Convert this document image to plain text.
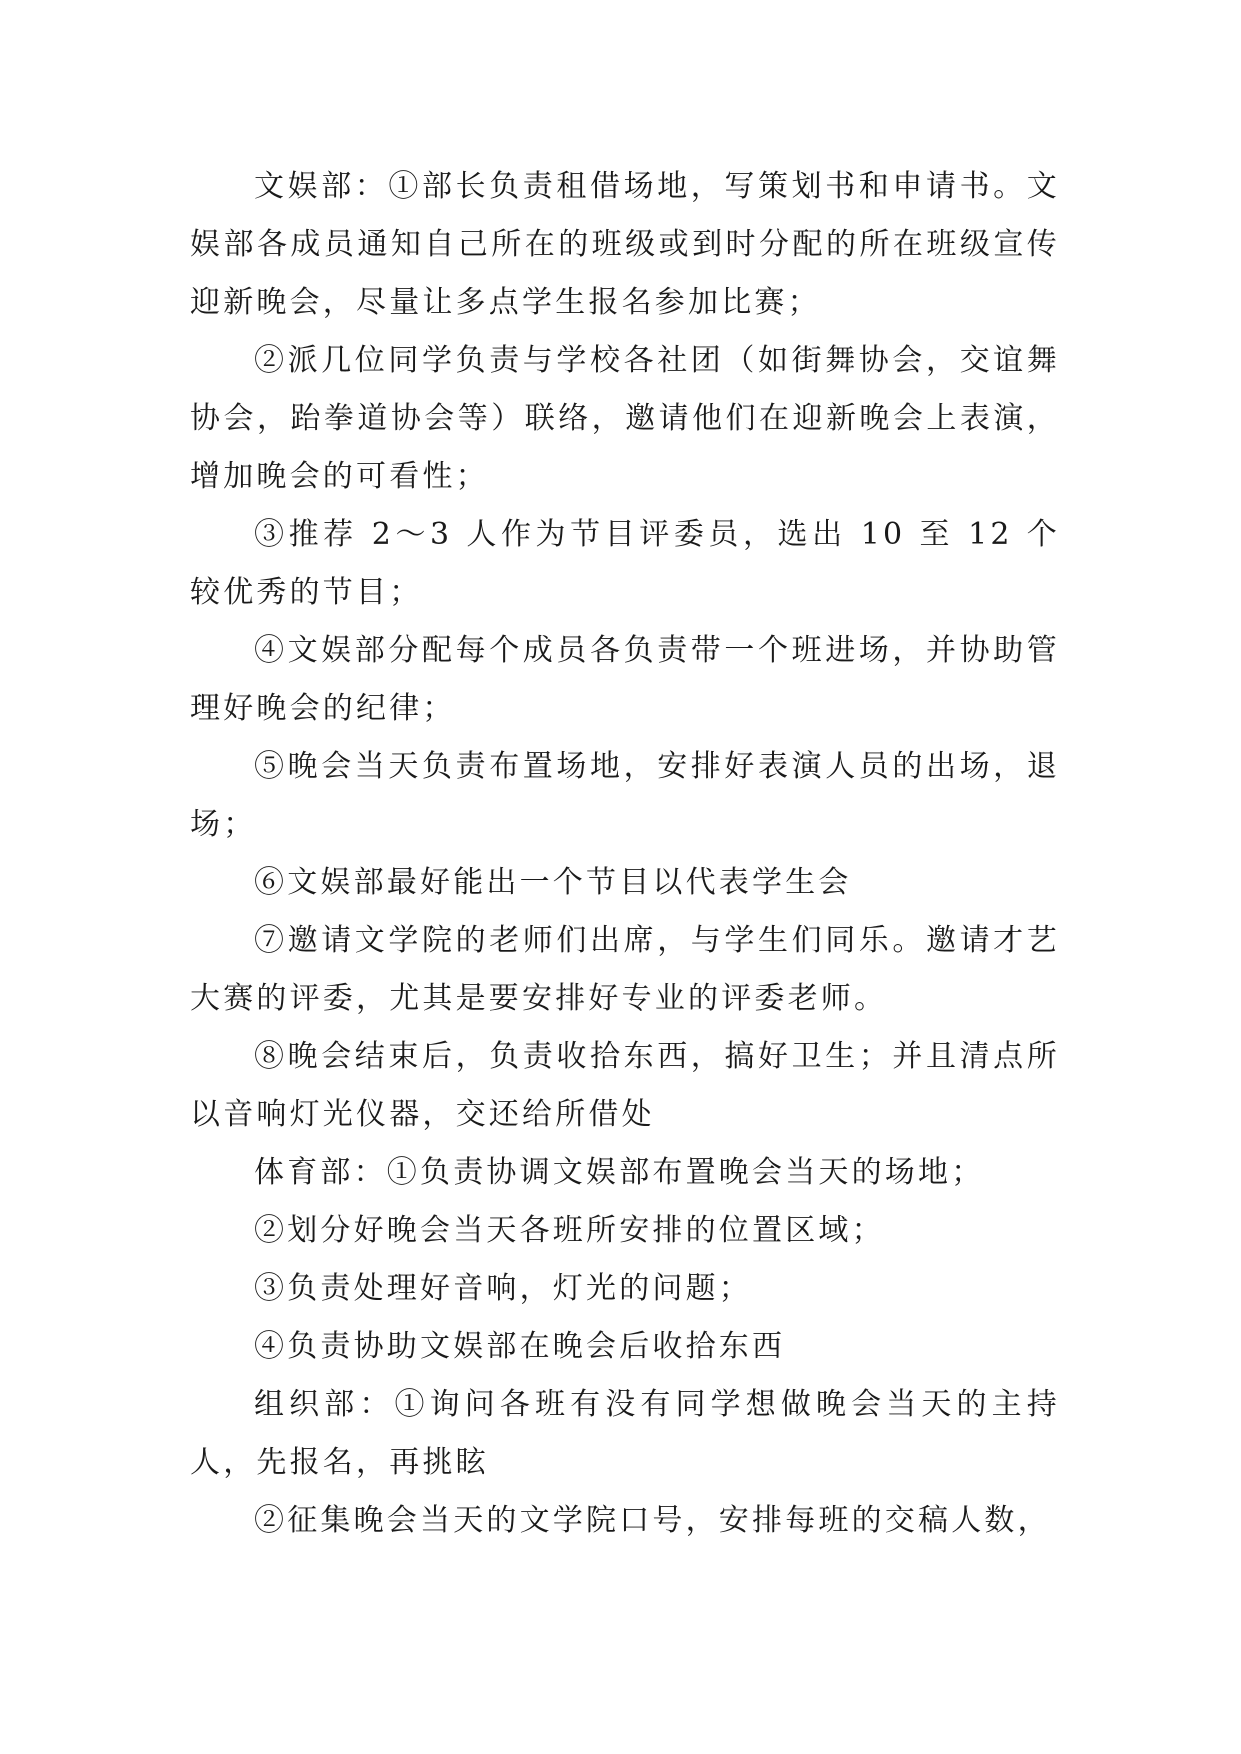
文娱部：①部长负责租借场地，写策划书和申请书。文娱部各成员通知自己所在的班级或到时分配的所在班级宣传迎新晚会，尽量让多点学生报名参加比赛；

②派几位同学负责与学校各社团（如街舞协会，交谊舞协会，跆拳道协会等）联络，邀请他们在迎新晚会上表演，增加晚会的可看性；

③推荐 2～3 人作为节目评委员，选出 10 至 12 个较优秀的节目；

④文娱部分配每个成员各负责带一个班进场，并协助管理好晚会的纪律；

⑤晚会当天负责布置场地，安排好表演人员的出场，退场；

⑥文娱部最好能出一个节目以代表学生会

⑦邀请文学院的老师们出席，与学生们同乐。邀请才艺大赛的评委，尤其是要安排好专业的评委老师。

⑧晚会结束后，负责收拾东西，搞好卫生；并且清点所以音响灯光仪器，交还给所借处

体育部：①负责协调文娱部布置晚会当天的场地；

②划分好晚会当天各班所安排的位置区域；

③负责处理好音响，灯光的问题；

④负责协助文娱部在晚会后收拾东西

组织部：①询问各班有没有同学想做晚会当天的主持人，先报名，再挑眩

②征集晚会当天的文学院口号，安排每班的交稿人数，
